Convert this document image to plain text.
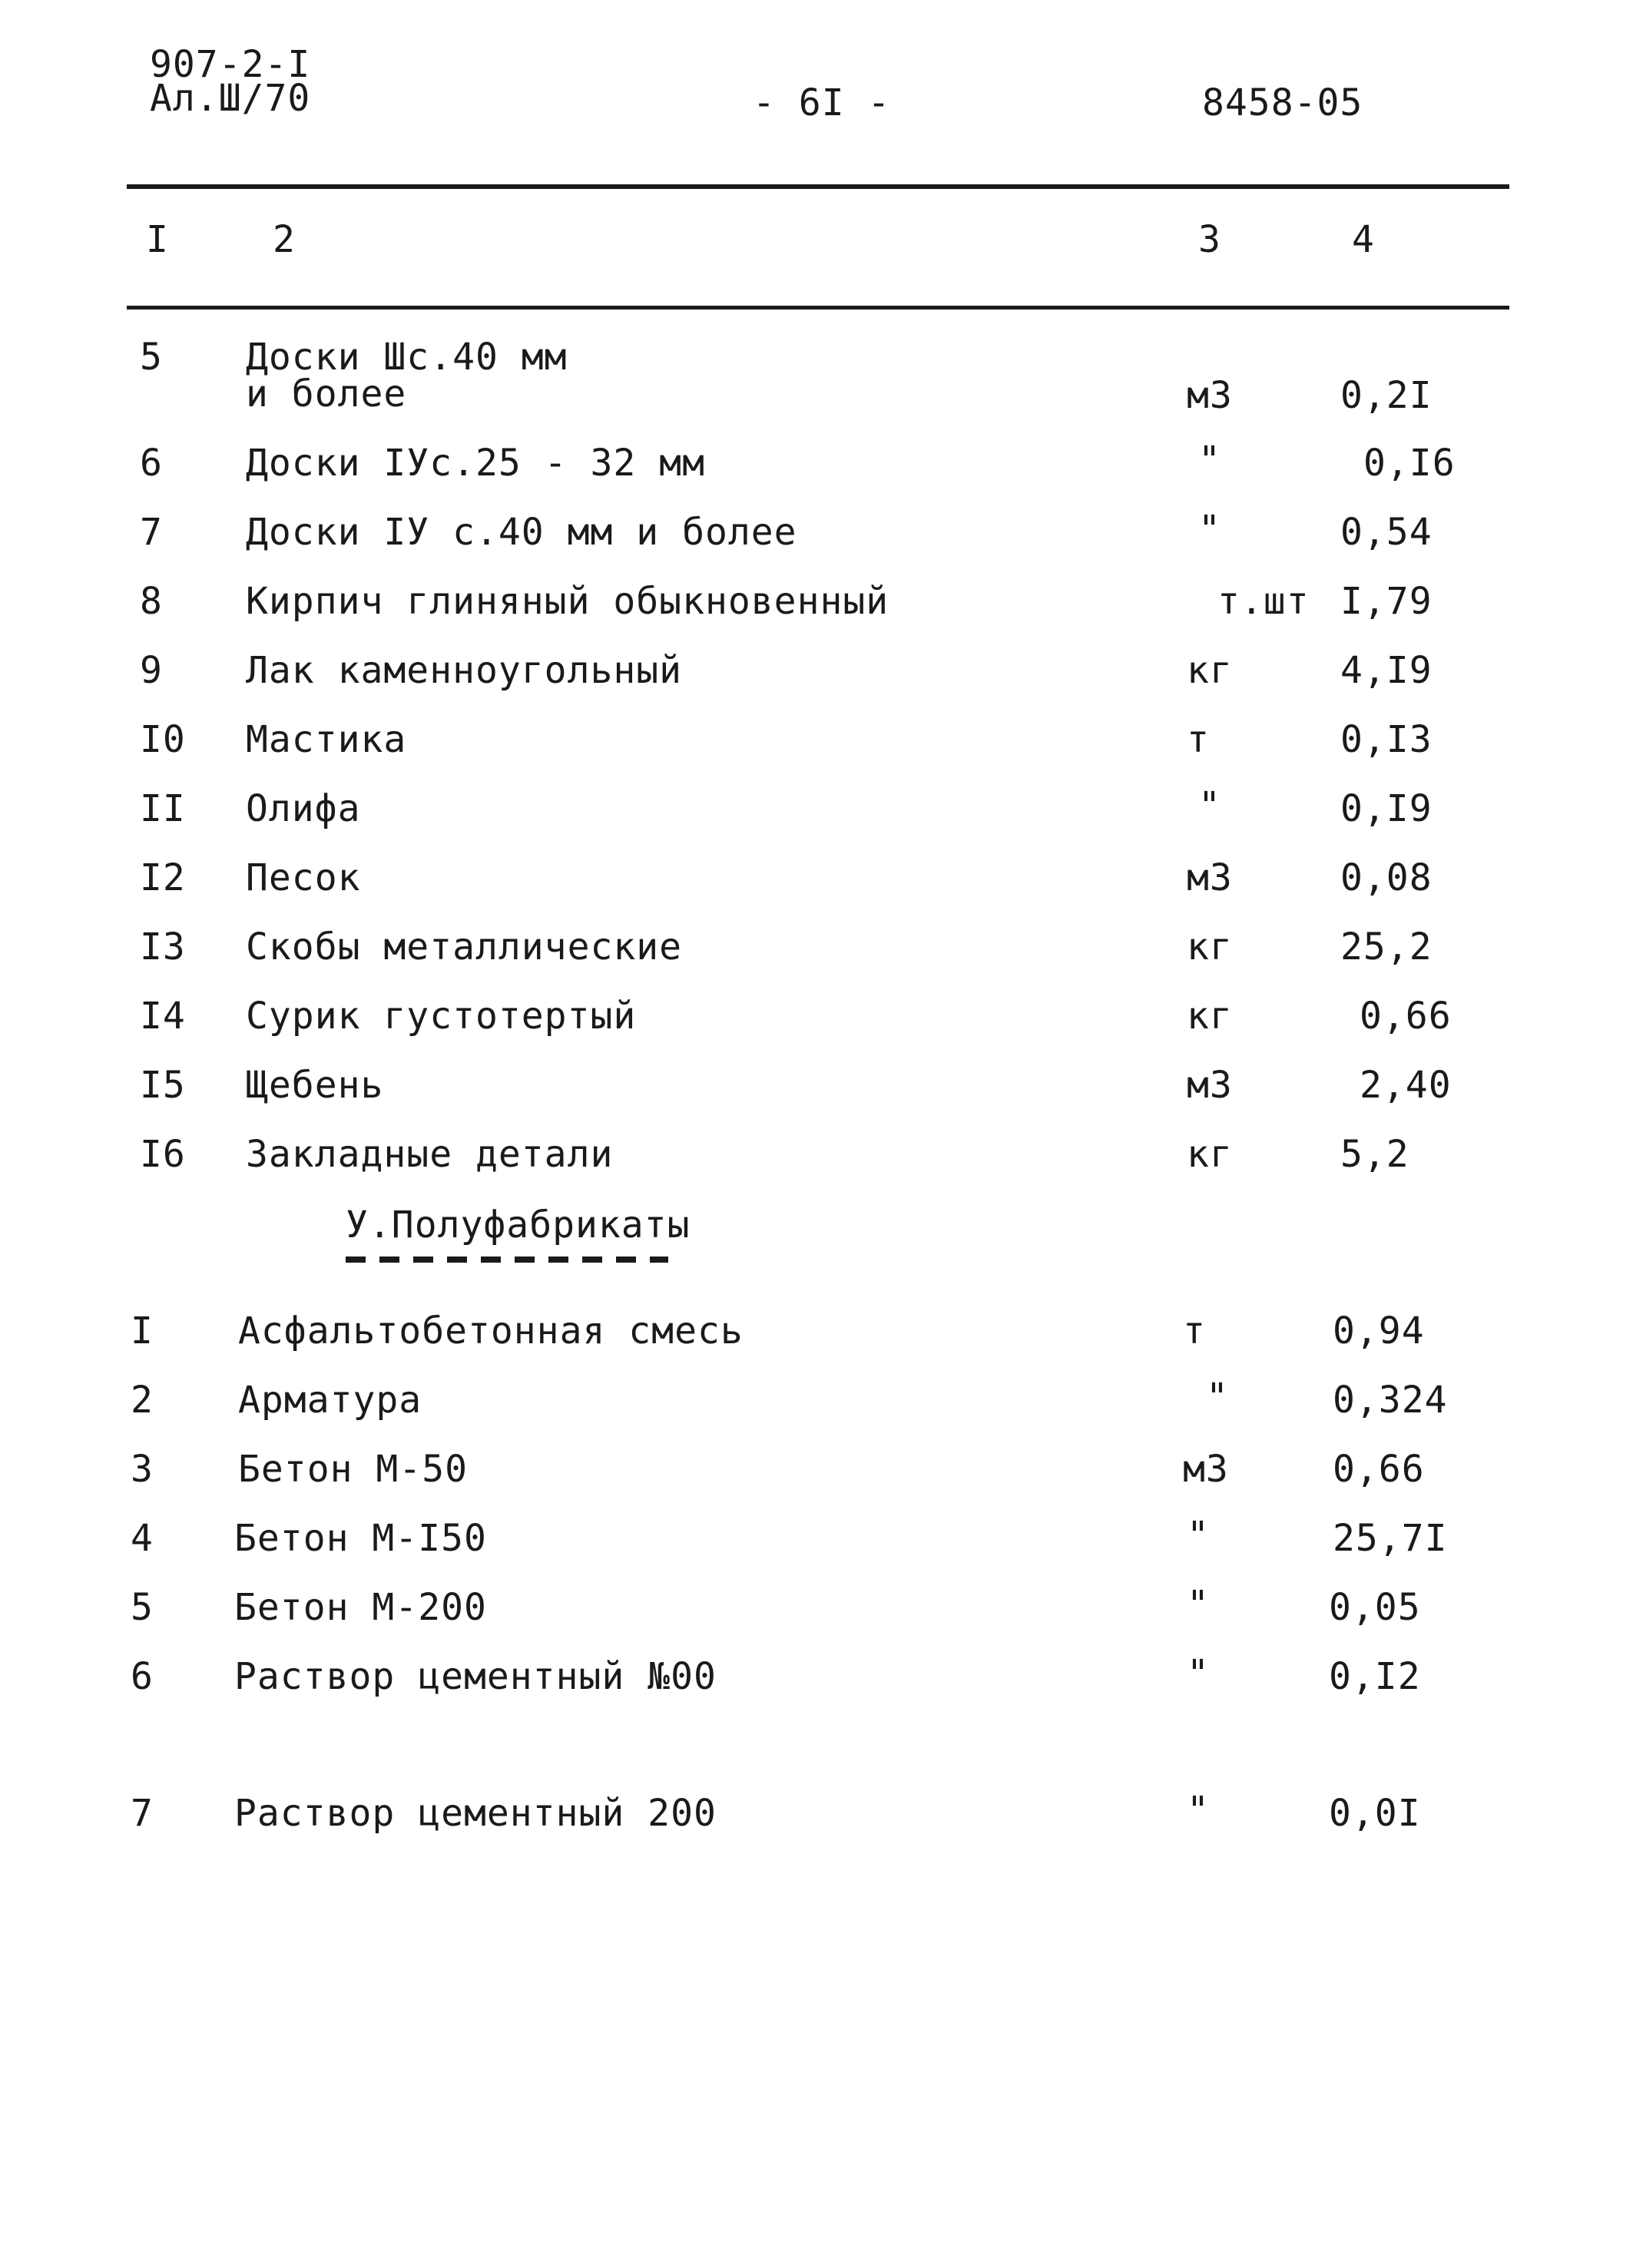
907-2-I
Ал.Ш/70	- 6I -	8458-05
I	2	3	4
5 Доски Шс.40 мм
и более	м3	0,2I
6 Доски IУс.25 - 32 мм	"	0,I6
7 Доски IУ с.40 мм и более	"	0,54
8 Кирпич глиняный обыкновенный	т.шт I,79
9 Лак каменноугольный	кг	4,I9
I0 Мастика	т	0,I3
II Олифа	"	0,I9
I2 Песок	м3	0,08
I3 Скобы металлические	кг	25,2
I4 Сурик густотертый	кг	0,66
I5 Щебень	м3	2,40
I6 Закладные детали	кг	5,2
У.Полуфабрикаты
I Асфальтобетонная смесь	т	0,94
2 Арматура	"	0,324
3 Бетон М-50	м3	0,66
4 Бетон М-I50	"	25,7I
5 Бетон М-200	"	0,05
6 Раствор цементный №00	"	0,I2
7 Раствор цементный 200	"	0,0I
